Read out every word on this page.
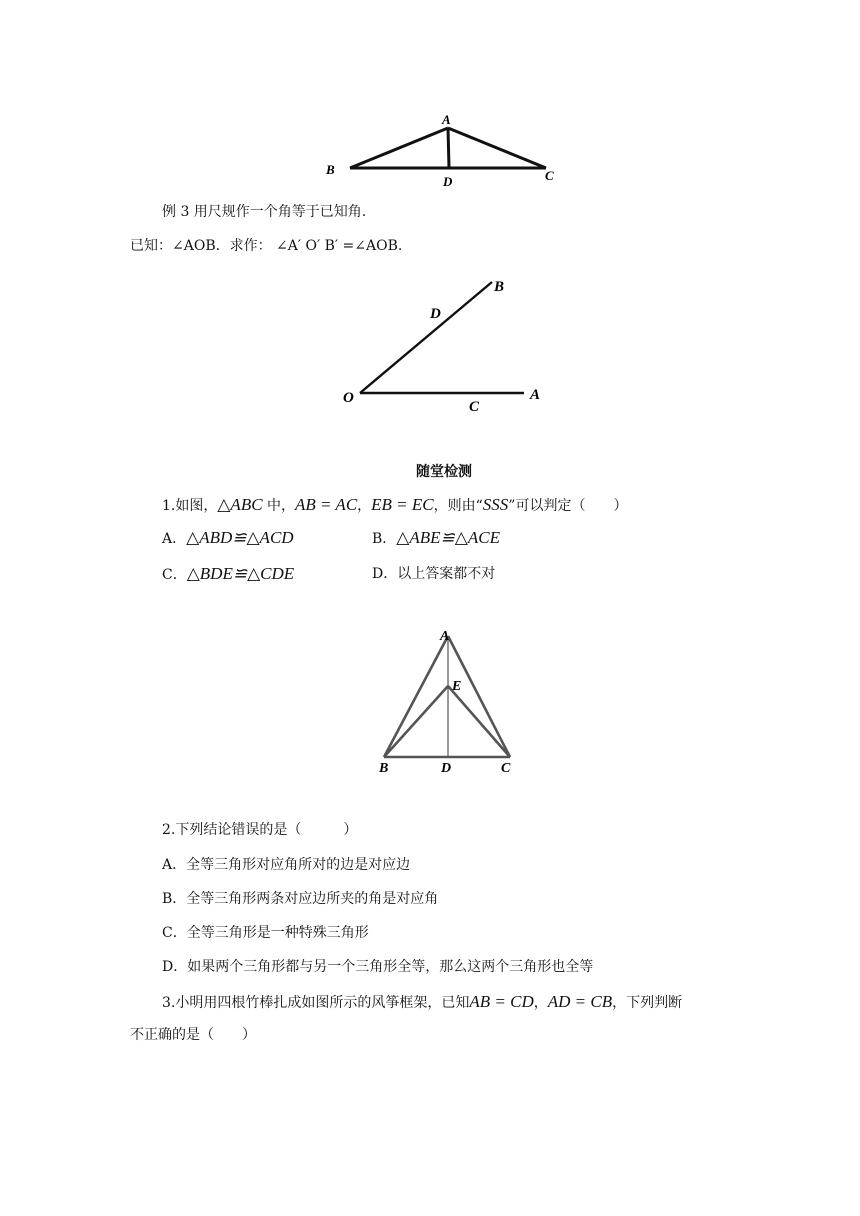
A
B	C
D
例 3 用尺规作一个角等于已知角.
已知：∠AOB．求作： ∠A′ O′ B′ =∠AOB.
O	A
B
C
D
随堂检测
1.如图，△ABC 中，AB = AC，EB = EC，则由“SSS”可以判定（　　）
A．△ABD≌△ACD	B．△ABE≌△ACE
C．△BDE≌△CDE	D．以上答案都不对
A
E
B	D	C
2.下列结论错误的是（　　　）
A．全等三角形对应角所对的边是对应边
B．全等三角形两条对应边所夹的角是对应角
C．全等三角形是一种特殊三角形
D．如果两个三角形都与另一个三角形全等，那么这两个三角形也全等
3.小明用四根竹棒扎成如图所示的风筝框架，已知AB = CD，AD = CB，下列判断
不正确的是（　　）
